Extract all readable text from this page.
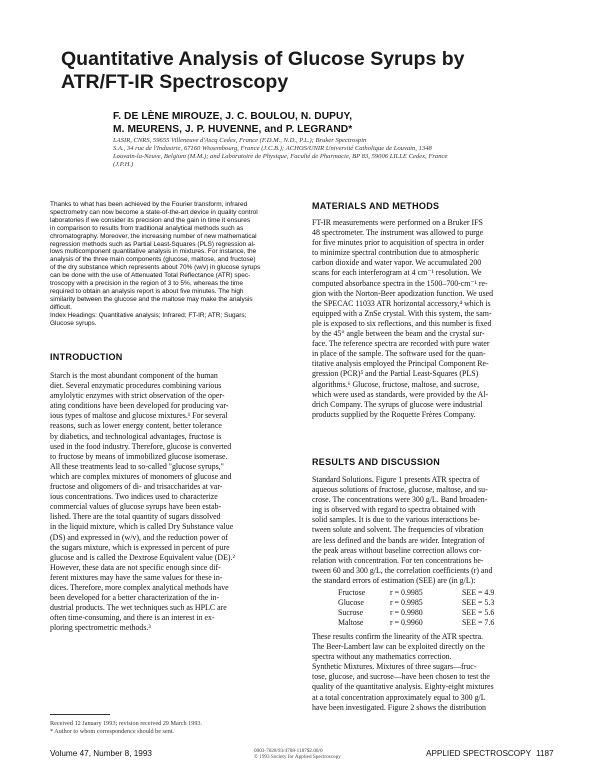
Quantitative Analysis of Glucose Syrups by
ATR/FT-IR Spectroscopy
F. DE LÈNE MIROUZE, J. C. BOULOU, N. DUPUY,
M. MEURENS, J. P. HUVENNE, and P. LEGRAND*
LASIR, CNRS, 59655 Villeneuve d'Ascq Cedex, France (F.D.M., N.D., P.L.); Bruker Spectrospin
S.A., 34 rue de l'Industrie, 67160 Wissembourg, France (J.C.B.); ACHOS/UNIR Université Catholique de Louvain, 1348
Louvain-la-Neuve, Belgium (M.M.); and Laboratoire de Physique, Faculté de Pharmacie, BP 83, 59006 LILLE Cedex, France
(J.P.H.)
Thanks to what has been achieved by the Fourier transform, infrared
spectrometry can now become a state-of-the-art device in quality control
laboratories if we consider its precision and the gain in time it ensures
in comparison to results from traditional analytical methods such as
chromatography. Moreover, the increasing number of new mathematical
regression methods such as Partial Least-Squares (PLS) regression al-
lows multicomponent quantitative analysis in mixtures. For instance, the
analysis of the three main components (glucose, maltose, and fructose)
of the dry substance which represents about 70% (w/v) in glucose syrups
can be done with the use of Attenuated Total Reflectance (ATR) spec-
troscopy with a precision in the region of 3 to 5%, whereas the time
required to obtain an analysis report is about five minutes. The high
similarity between the glucose and the maltose may make the analysis
difficult.
Index Headings: Quantitative analysis; Infrared; FT-IR; ATR; Sugars;
Glucose syrups.
INTRODUCTION
Starch is the most abundant component of the human
diet. Several enzymatic procedures combining various
amylolytic enzymes with strict observation of the oper-
ating conditions have been developed for producing var-
ious types of maltose and glucose mixtures.¹ For several
reasons, such as lower energy content, better tolerance
by diabetics, and technological advantages, fructose is
used in the food industry. Therefore, glucose is converted
to fructose by means of immobilized glucose isomerase.
All these treatments lead to so-called "glucose syrups,"
which are complex mixtures of monomers of glucose and
fructose and oligomers of di- and trisaccharides at var-
ious concentrations. Two indices used to characterize
commercial values of glucose syrups have been estab-
lished. There are the total quantity of sugars dissolved
in the liquid mixture, which is called Dry Substance value
(DS) and expressed in (w/v), and the reduction power of
the sugars mixture, which is expressed in percent of pure
glucose and is called the Dextrose Equivalent value (DE).²
However, these data are not specific enough since dif-
ferent mixtures may have the same values for these in-
dices. Therefore, more complex analytical methods have
been developed for a better characterization of the in-
dustrial products. The wet techniques such as HPLC are
often time-consuming, and there is an interest in ex-
ploring spectrometric methods.³
Received 12 January 1993; revision received 29 March 1993.
* Author to whom correspondence should be sent.
MATERIALS AND METHODS
FT-IR measurements were performed on a Bruker IFS
48 spectrometer. The instrument was allowed to purge
for five minutes prior to acquisition of spectra in order
to minimize spectral contribution due to atmospheric
carbon dioxide and water vapor. We accumulated 200
scans for each interferogram at 4 cm⁻¹ resolution. We
computed absorbance spectra in the 1500–700-cm⁻¹ re-
gion with the Norton-Beer apodization function. We used
the SPECAC 11033 ATR horizontal accessory,⁴ which is
equipped with a ZnSe crystal. With this system, the sam-
ple is exposed to six reflections, and this number is fixed
by the 45° angle between the beam and the crystal sur-
face. The reference spectra are recorded with pure water
in place of the sample. The software used for the quan-
titative analysis employed the Principal Component Re-
gression (PCR)⁵ and the Partial Least-Squares (PLS)
algorithms.⁶ Glucose, fructose, maltose, and sucrose,
which were used as standards, were provided by the Al-
drich Company. The syrups of glucose were industrial
products supplied by the Roquette Frères Company.
RESULTS AND DISCUSSION
Standard Solutions. Figure 1 presents ATR spectra of
aqueous solutions of fructose, glucose, maltose, and su-
crose. The concentrations were 300 g/L. Band broaden-
ing is observed with regard to spectra obtained with
solid samples. It is due to the various interactions be-
tween solute and solvent. The frequencies of vibration
are less defined and the bands are wider. Integration of
the peak areas without baseline correction allows cor-
relation with concentration. For ten concentrations be-
tween 60 and 300 g/L, the correlation coefficients (r) and
the standard errors of estimation (SEE) are (in g/L):
Fructose	r = 0.9985	SEE = 4.9
Glucose	r = 0.9985	SEE = 5.3
Sucrose	r = 0.9980	SEE = 5.6
Maltose	r = 0.9960	SEE = 7.6
These results confirm the linearity of the ATR spectra.
The Beer-Lambert law can be exploited directly on the
spectra without any mathematics correction.
Synthetic Mixtures. Mixtures of three sugars—fruc-
tose, glucose, and sucrose—have been chosen to test the
quality of the quantitative analysis. Eighty-eight mixtures
at a total concentration approximately equal to 300 g/L
have been investigated. Figure 2 shows the distribution
Volume 47, Number 8, 1993	0003-7028/93/4708-1187$2.00/0
© 1993 Society for Applied Spectroscopy	APPLIED SPECTROSCOPY 1187
